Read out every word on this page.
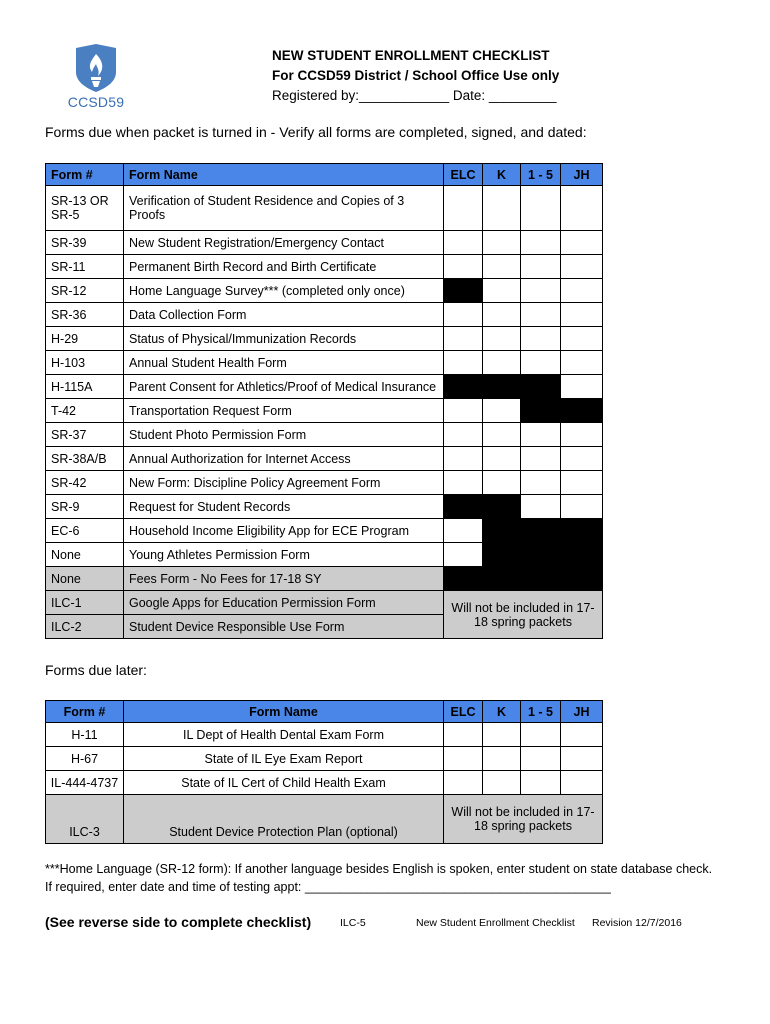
CCSD59
NEW STUDENT ENROLLMENT CHECKLIST
For CCSD59 District / School Office Use only
Registered by:____________ Date: _________
Forms due when packet is turned in - Verify all forms are completed, signed, and dated:
Form #	Form Name	ELC	K	1 - 5	JH
SR-13 OR SR-5	Verification of Student Residence and Copies of 3 Proofs				
SR-39	New Student Registration/Emergency Contact				
SR-11	Permanent Birth Record and Birth Certificate				
SR-12	Home Language Survey*** (completed only once)				
SR-36	Data Collection Form				
H-29	Status of Physical/Immunization Records				
H-103	Annual Student Health Form				
H-115A	Parent Consent for Athletics/Proof of Medical Insurance				
T-42	Transportation Request Form				
SR-37	Student Photo Permission Form				
SR-38A/B	Annual Authorization for Internet Access				
SR-42	New Form: Discipline Policy Agreement Form				
SR-9	Request for Student Records				
EC-6	Household Income Eligibility App for ECE Program				
None	Young Athletes Permission Form				
None	Fees Form - No Fees for 17-18 SY				
ILC-1	Google Apps for Education Permission Form	Will not be included in 17-18 spring packets			
ILC-2	Student Device Responsible Use Form				
Forms due later:
Form #	Form Name	ELC	K	1 - 5	JH
H-11	IL Dept of Health Dental Exam Form				
H-67	State of IL Eye Exam Report				
IL-444-4737	State of IL Cert of Child Health Exam				
ILC-3	Student Device Protection Plan (optional)	Will not be included in 17-18 spring packets			
***Home Language (SR-12 form): If another language besides English is spoken, enter student on state database check.
If required, enter date and time of testing appt: ____________________________________________
(See reverse side to complete checklist)	ILC-5	New Student Enrollment Checklist Revision 12/7/2016
